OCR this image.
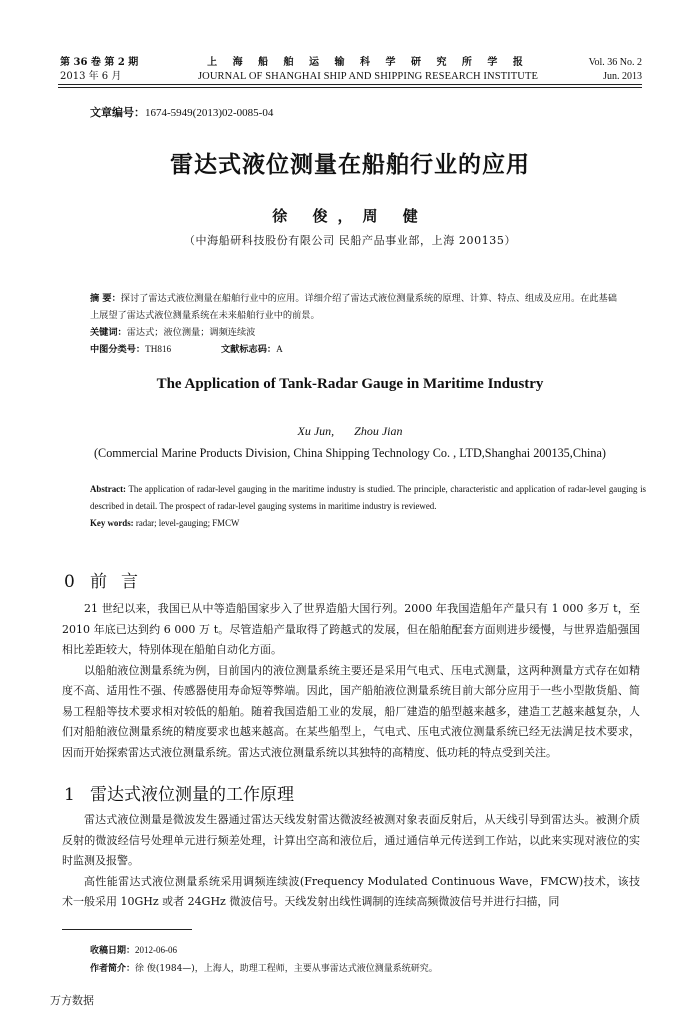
第 36 卷 第 2 期
2013 年 6 月
上 海 船 舶 运 输 科 学 研 究 所 学 报
JOURNAL OF SHANGHAI SHIP AND SHIPPING RESEARCH INSTITUTE
Vol. 36 No. 2
Jun. 2013
文章编号：1674-5949(2013)02-0085-04
雷达式液位测量在船舶行业的应用
徐 俊，周 健
（中海船研科技股份有限公司 民船产品事业部，上海 200135）
摘 要：探讨了雷达式液位测量在船舶行业中的应用。详细介绍了雷达式液位测量系统的原理、计算、特点、组成及应用。在此基础上展望了雷达式液位测量系统在未来船舶行业中的前景。
关键词：雷达式；液位测量；调频连续波
中图分类号：TH816	文献标志码：A
The Application of Tank-Radar Gauge in Maritime Industry
Xu Jun, Zhou Jian
(Commercial Marine Products Division, China Shipping Technology Co. , LTD,Shanghai 200135,China)
Abstract: The application of radar-level gauging in the maritime industry is studied. The principle, characteristic and application of radar-level gauging is described in detail. The prospect of radar-level gauging systems in maritime industry is reviewed.
Key words: radar; level-gauging; FMCW
0 前言

21 世纪以来，我国已从中等造船国家步入了世界造船大国行列。2000 年我国造船年产量只有 1 000 多万 t，至 2010 年底已达到约 6 000 万 t。尽管造船产量取得了跨越式的发展，但在船舶配套方面则进步缓慢，与世界造船强国相比差距较大，特别体现在船舶自动化方面。

以船舶液位测量系统为例，目前国内的液位测量系统主要还是采用气电式、压电式测量，这两种测量方式存在如精度不高、适用性不强、传感器使用寿命短等弊端。因此，国产船舶液位测量系统目前大部分应用于一些小型散货船、简易工程船等技术要求相对较低的船舶。随着我国造船工业的发展，船厂建造的船型越来越多，建造工艺越来越复杂，人们对船舶液位测量系统的精度要求也越来越高。在某些船型上，气电式、压电式液位测量系统已经无法满足技术要求，因而开始探索雷达式液位测量系统。雷达式液位测量系统以其独特的高精度、低功耗的特点受到关注。

1 雷达式液位测量的工作原理

雷达式液位测量是微波发生器通过雷达天线发射雷达微波经被测对象表面反射后，从天线引导到雷达头。被测介质反射的微波经信号处理单元进行频差处理，计算出空高和液位后，通过通信单元传送到工作站，以此来实现对液位的实时监测及报警。

高性能雷达式液位测量系统采用调频连续波(Frequency Modulated Continuous Wave，FMCW)技术，该技术一般采用 10GHz 或者 24GHz 微波信号。天线发射出线性调制的连续高频微波信号并进行扫描，同

收稿日期：2012-06-06
作者简介：徐 俊(1984—)，上海人，助理工程师，主要从事雷达式液位测量系统研究。
万方数据
